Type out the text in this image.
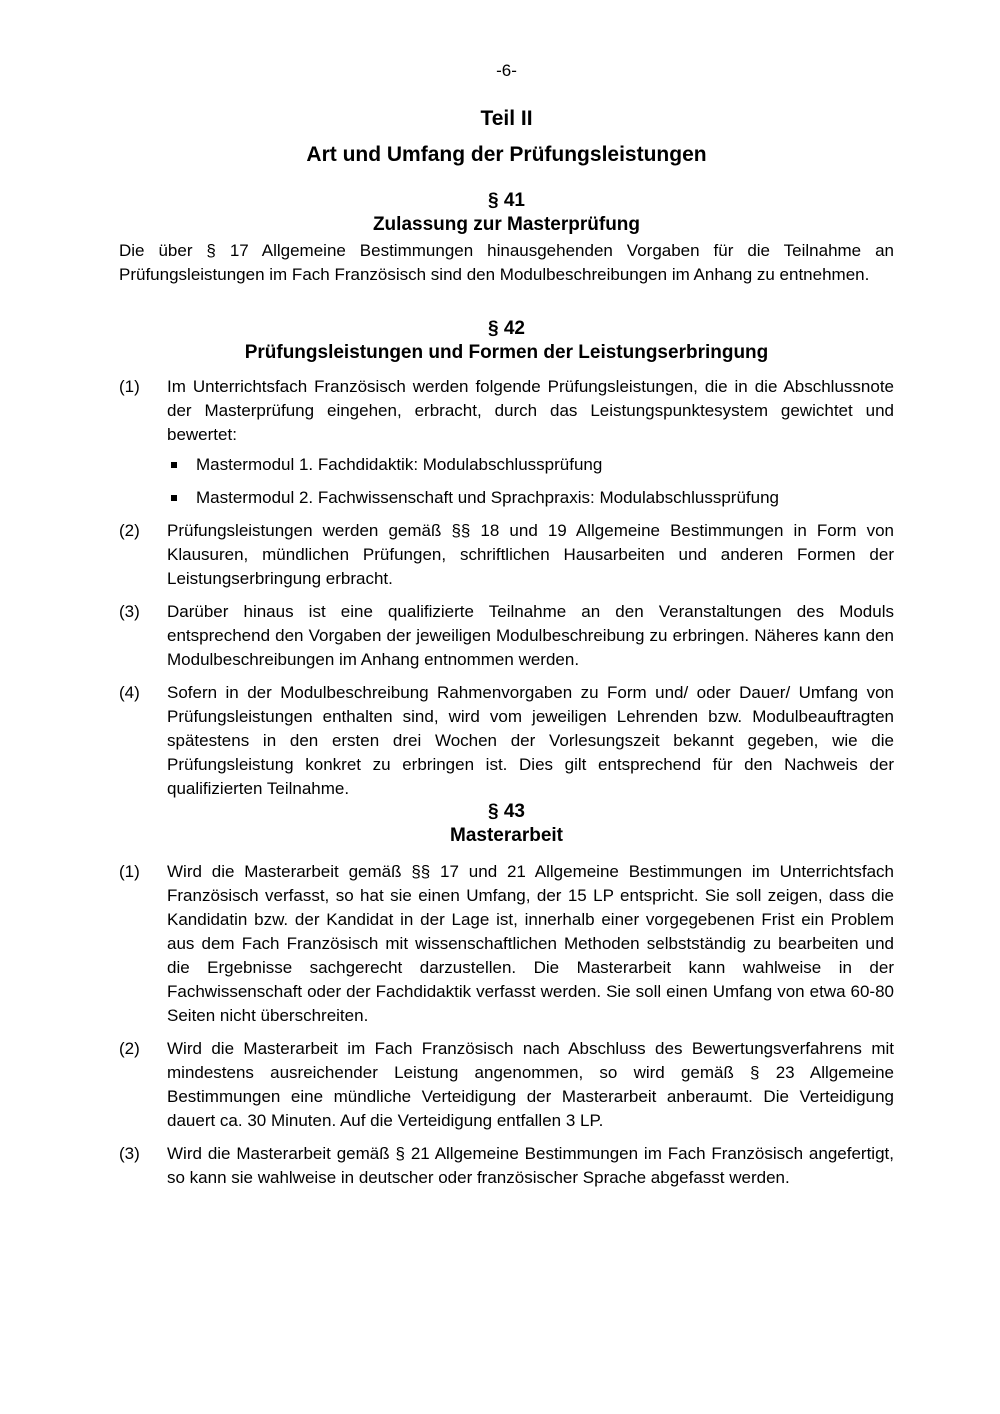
-6-
Teil II
Art und Umfang der Prüfungsleistungen

§ 41

Zulassung zur Masterprüfung

Die über § 17 Allgemeine Bestimmungen hinausgehenden Vorgaben für die Teilnahme an Prüfungsleistungen im Fach Französisch sind den Modulbeschreibungen im Anhang zu entnehmen.

§ 42

Prüfungsleistungen und Formen der Leistungserbringung

(1)	Im Unterrichtsfach Französisch werden folgende Prüfungsleistungen, die in die Abschlussnote der Masterprüfung eingehen, erbracht, durch das Leistungspunktesystem gewichtet und bewertet:
Mastermodul 1. Fachdidaktik: Modulabschlussprüfung
Mastermodul 2. Fachwissenschaft und Sprachpraxis: Modulabschlussprüfung
(2)	Prüfungsleistungen werden gemäß §§ 18 und 19 Allgemeine Bestimmungen in Form von Klausuren, mündlichen Prüfungen, schriftlichen Hausarbeiten und anderen Formen der Leistungserbringung erbracht.
(3)	Darüber hinaus ist eine qualifizierte Teilnahme an den Veranstaltungen des Moduls entsprechend den Vorgaben der jeweiligen Modulbeschreibung zu erbringen. Näheres kann den Modulbeschreibungen im Anhang entnommen werden.
(4)	Sofern in der Modulbeschreibung Rahmenvorgaben zu Form und/ oder Dauer/ Umfang von Prüfungsleistungen enthalten sind, wird vom jeweiligen Lehrenden bzw. Modulbeauftragten spätestens in den ersten drei Wochen der Vorlesungszeit bekannt gegeben, wie die Prüfungsleistung konkret zu erbringen ist. Dies gilt entsprechend für den Nachweis der qualifizierten Teilnahme.

§ 43

Masterarbeit

(1)	Wird die Masterarbeit gemäß §§ 17 und 21 Allgemeine Bestimmungen im Unterrichtsfach Französisch verfasst, so hat sie einen Umfang, der 15 LP entspricht. Sie soll zeigen, dass die Kandidatin bzw. der Kandidat in der Lage ist, innerhalb einer vorgegebenen Frist ein Problem aus dem Fach Französisch mit wissenschaftlichen Methoden selbstständig zu bearbeiten und die Ergebnisse sachgerecht darzustellen. Die Masterarbeit kann wahlweise in der Fachwissenschaft oder der Fachdidaktik verfasst werden. Sie soll einen Umfang von etwa 60-80 Seiten nicht überschreiten.
(2)	Wird die Masterarbeit im Fach Französisch nach Abschluss des Bewertungsverfahrens mit mindestens ausreichender Leistung angenommen, so wird gemäß § 23 Allgemeine Bestimmungen eine mündliche Verteidigung der Masterarbeit anberaumt. Die Verteidigung dauert ca. 30 Minuten. Auf die Verteidigung entfallen 3 LP.
(3)	Wird die Masterarbeit gemäß § 21 Allgemeine Bestimmungen im Fach Französisch angefertigt, so kann sie wahlweise in deutscher oder französischer Sprache abgefasst werden.
